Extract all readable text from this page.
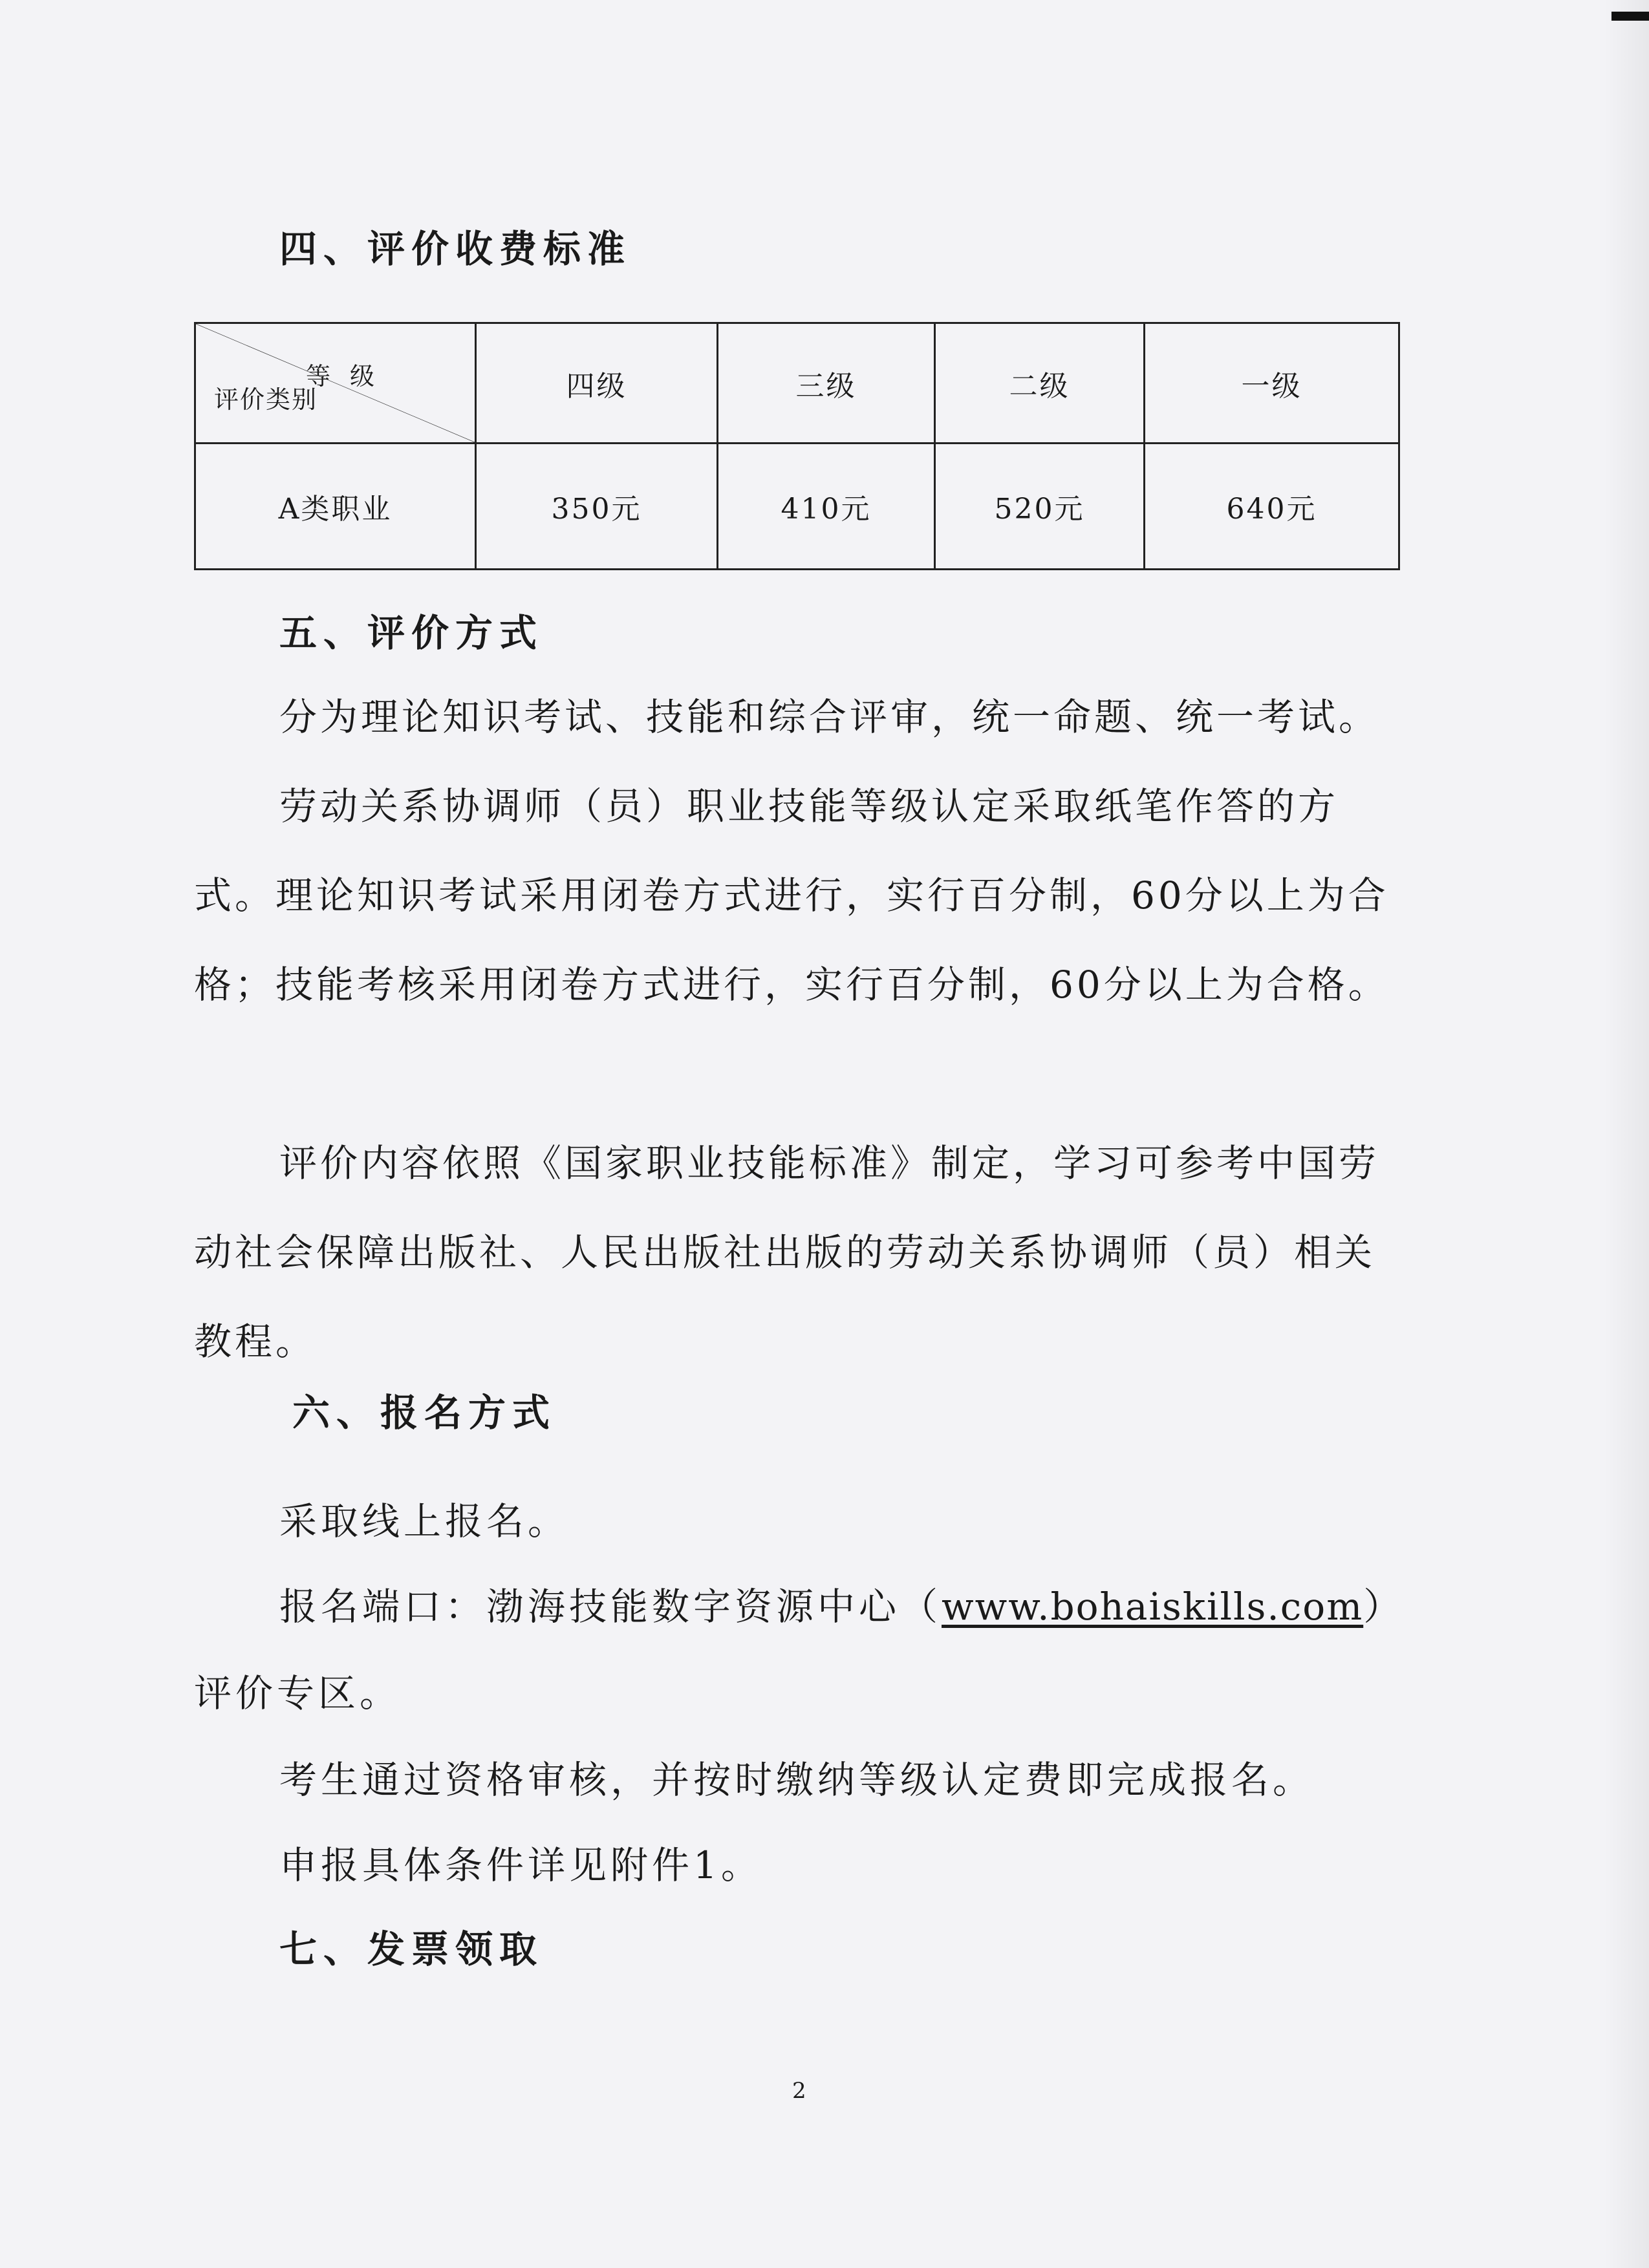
四、评价收费标准
等级
评价类别	四级	三级	二级	一级
A类职业	350元	410元	520元	640元
五、评价方式

分为理论知识考试、技能和综合评审，统一命题、统一考试。

劳动关系协调师（员）职业技能等级认定采取纸笔作答的方式。理论知识考试采用闭卷方式进行，实行百分制，60分以上为合格；技能考核采用闭卷方式进行，实行百分制，60分以上为合格。

评价内容依照《国家职业技能标准》制定，学习可参考中国劳动社会保障出版社、人民出版社出版的劳动关系协调师（员）相关教程。

六、报名方式
采取线上报名。
报名端口：渤海技能数字资源中心（www.bohaiskills.com）
评价专区。
考生通过资格审核，并按时缴纳等级认定费即完成报名。
申报具体条件详见附件1。
七、发票领取
2
